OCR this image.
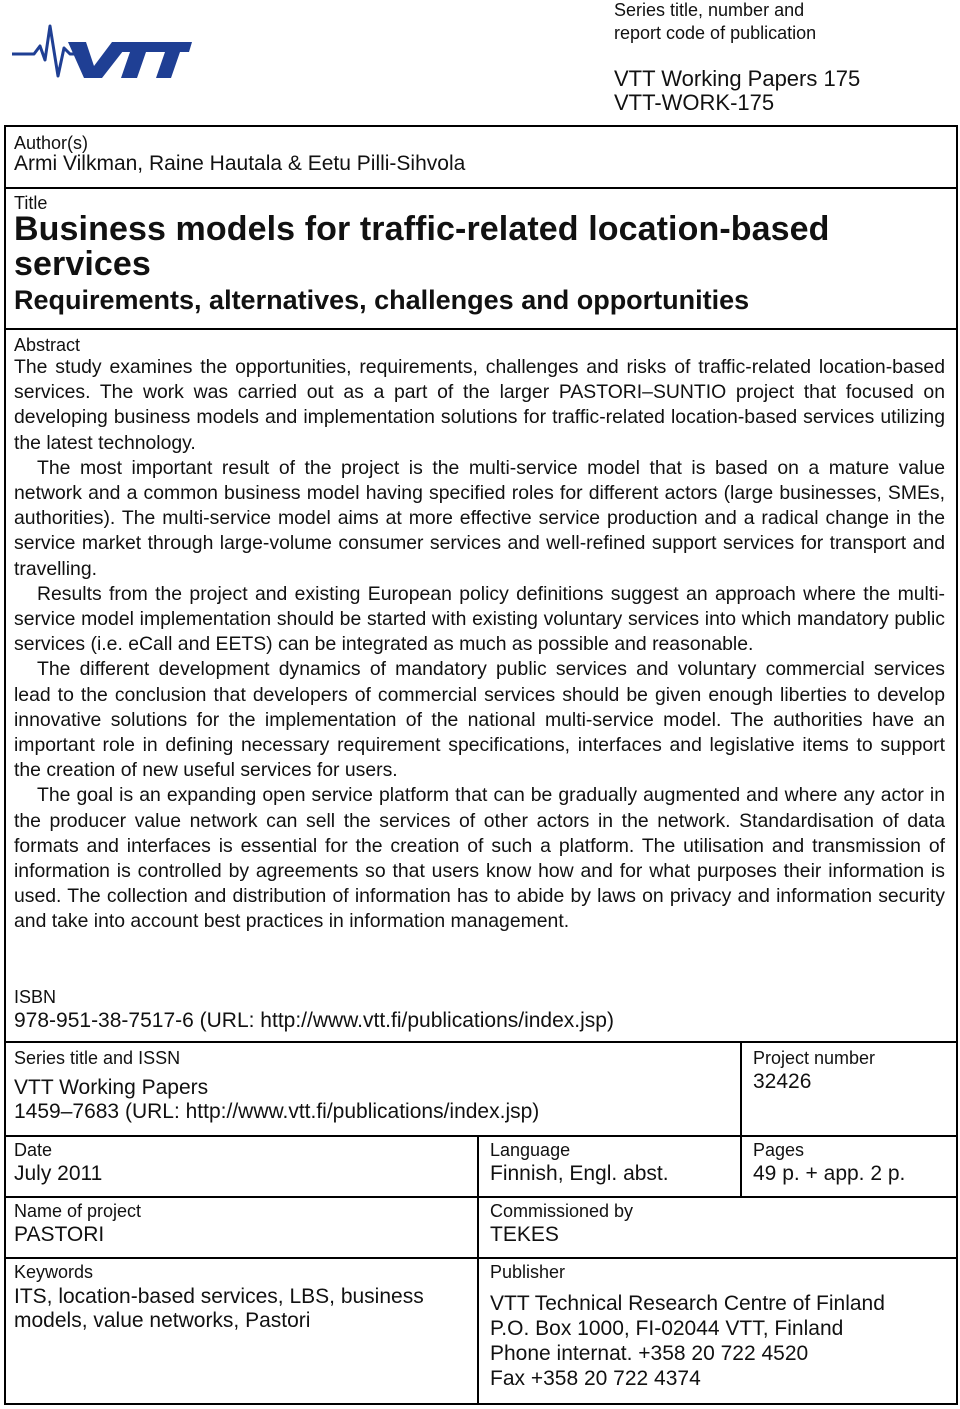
Series title, number and
report code of publication
VTT Working Papers 175
VTT-WORK-175
Author(s)
Armi Vilkman, Raine Hautala & Eetu Pilli-Sihvola
Title
Business models for traffic-related location-based
services
Requirements, alternatives, challenges and opportunities
Abstract

The study examines the opportunities, requirements, challenges and risks of traffic-related location-based services. The work was carried out as a part of the larger PASTORI–SUNTIO project that focused on developing business models and implementation solutions for traffic-related location-based services utilizing the latest technology.

The most important result of the project is the multi-service model that is based on a mature value network and a common business model having specified roles for different actors (large businesses, SMEs, authorities). The multi-service model aims at more effective service production and a radical change in the service market through large-volume consumer services and well-refined support services for transport and travelling.

Results from the project and existing European policy definitions suggest an approach where the multi-service model implementation should be started with existing voluntary services into which mandatory public services (i.e. eCall and EETS) can be integrated as much as possible and reasonable.

The different development dynamics of mandatory public services and voluntary commercial services lead to the conclusion that developers of commercial services should be given enough liberties to develop innovative solutions for the implementation of the national multi-service model. The authorities have an important role in defining necessary requirement specifications, interfaces and legislative items to support the creation of new useful services for users.

The goal is an expanding open service platform that can be gradually augmented and where any actor in the producer value network can sell the services of other actors in the network. Standardisation of data formats and interfaces is essential for the creation of such a platform. The utilisation and transmission of information is controlled by agreements so that users know how and for what purposes their information is used. The collection and distribution of information has to abide by laws on privacy and information security and take into account best practices in information management.

ISBN
978-951-38-7517-6 (URL: http://www.vtt.fi/publications/index.jsp)
Series title and ISSN
VTT Working Papers
1459–7683 (URL: http://www.vtt.fi/publications/index.jsp)
Project number
32426
Date
July 2011
Language
Finnish, Engl. abst.
Pages
49 p. + app. 2 p.
Name of project
PASTORI
Commissioned by
TEKES
Keywords
ITS, location-based services, LBS, business
models, value networks, Pastori
Publisher
VTT Technical Research Centre of Finland
P.O. Box 1000, FI-02044 VTT, Finland
Phone internat. +358 20 722 4520
Fax +358 20 722 4374
